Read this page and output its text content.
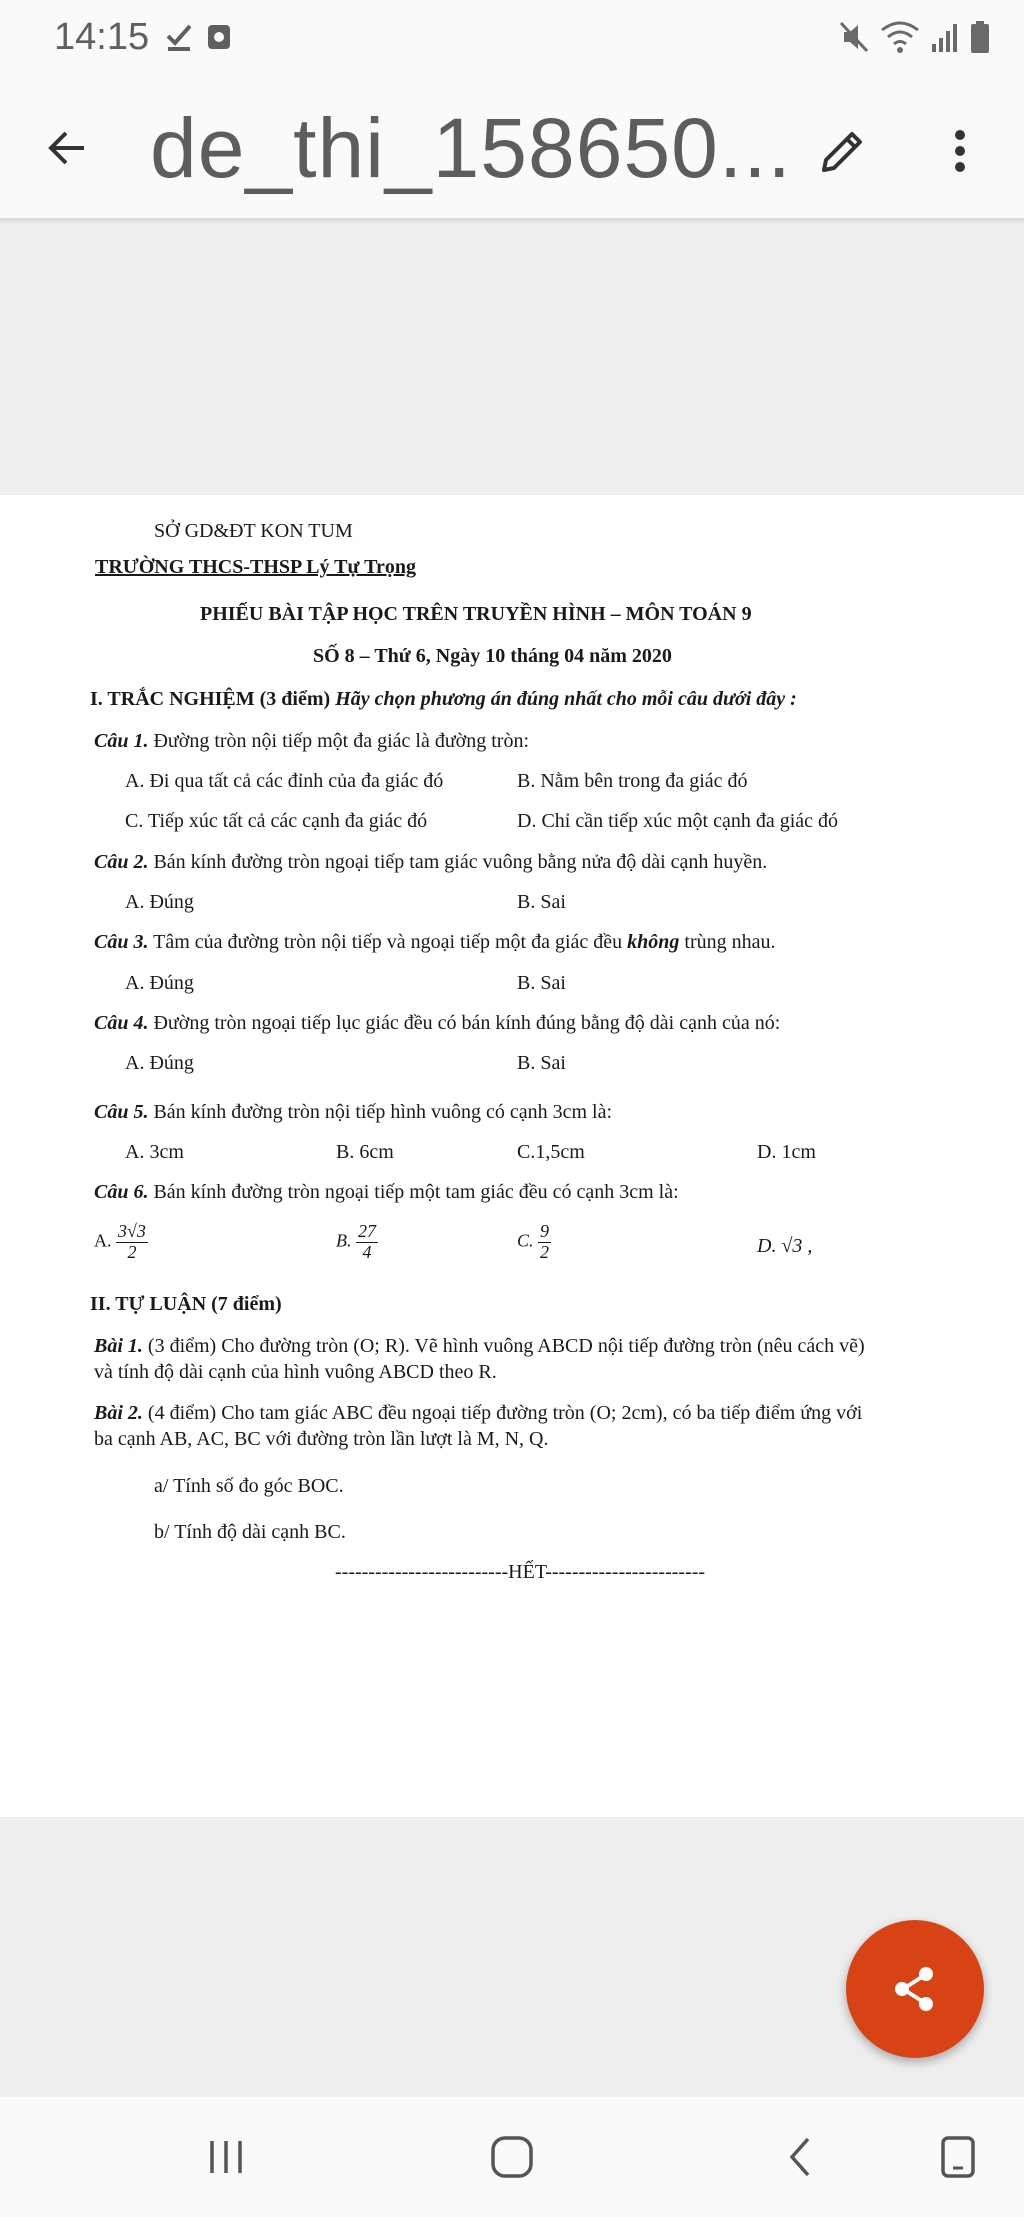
14:15
de_thi_158650...
SỞ GD&ĐT KON TUM
TRƯỜNG THCS-THSP Lý Tự Trọng
PHIẾU BÀI TẬP HỌC TRÊN TRUYỀN HÌNH – MÔN TOÁN 9
SỐ 8 – Thứ 6, Ngày 10 tháng 04 năm 2020
I. TRẮC NGHIỆM (3 điểm) Hãy chọn phương án đúng nhất cho mỗi câu dưới đây :
Câu 1. Đường tròn nội tiếp một đa giác là đường tròn:
A. Đi qua tất cả các đỉnh của đa giác đó	B. Nằm bên trong đa giác đó
C. Tiếp xúc tất cả các cạnh đa giác đó	D. Chỉ cần tiếp xúc một cạnh đa giác đó
Câu 2. Bán kính đường tròn ngoại tiếp tam giác vuông bằng nửa độ dài cạnh huyền.
A. Đúng	B. Sai
Câu 3. Tâm của đường tròn nội tiếp và ngoại tiếp một đa giác đều không trùng nhau.
A. Đúng	B. Sai
Câu 4. Đường tròn ngoại tiếp lục giác đều có bán kính đúng bằng độ dài cạnh của nó:
A. Đúng	B. Sai
Câu 5. Bán kính đường tròn nội tiếp hình vuông có cạnh 3cm là:
A. 3cm	B. 6cm	C.1,5cm	D. 1cm
Câu 6. Bán kính đường tròn ngoại tiếp một tam giác đều có cạnh 3cm là:
A. $\frac{3√3}{2}$	B. $\frac{27}{4}$	C. $\frac{9}{2}$	D. √3 ,
II. TỰ LUẬN (7 điểm)
Bài 1. (3 điểm) Cho đường tròn (O; R). Vẽ hình vuông ABCD nội tiếp đường tròn (nêu cách vẽ)
và tính độ dài cạnh của hình vuông ABCD theo R.
Bài 2. (4 điểm) Cho tam giác ABC đều ngoại tiếp đường tròn (O; 2cm), có ba tiếp điểm ứng với
ba cạnh AB, AC, BC với đường tròn lần lượt là M, N, Q.
a/ Tính số đo góc BOC.
b/ Tính độ dài cạnh BC.
--------------------------HẾT------------------------
